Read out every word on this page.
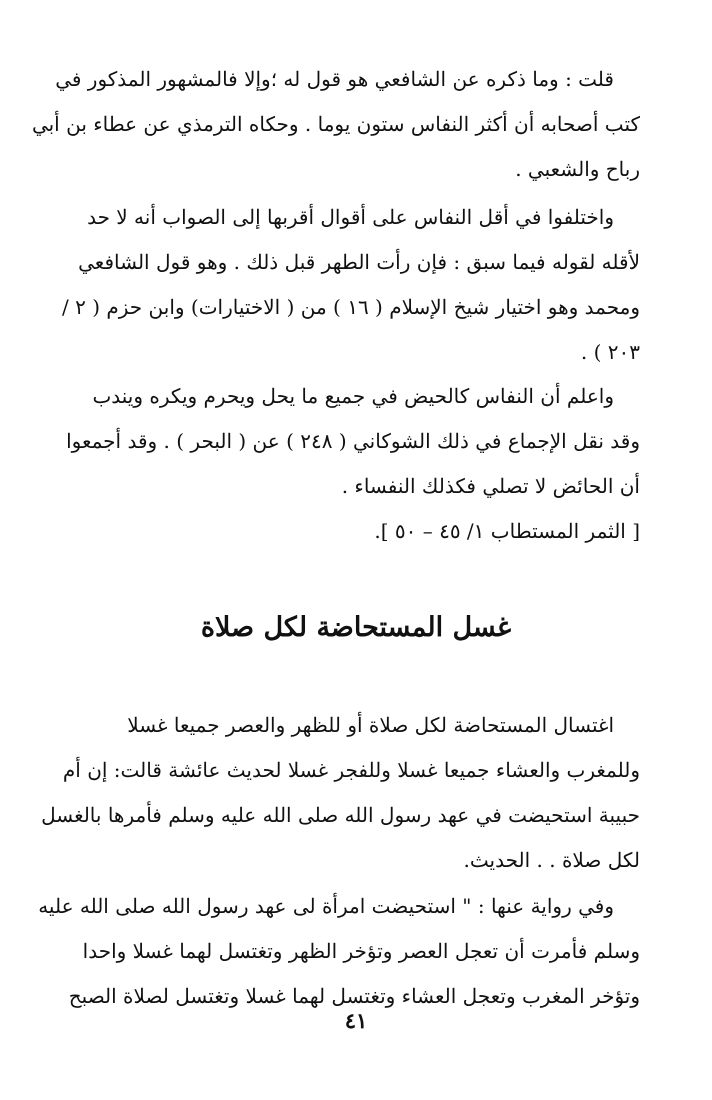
قلت : وما ذكره عن الشافعي هو قول له ؛وإلا فالمشهور المذكور في
كتب أصحابه أن أكثر النفاس ستون يوما . وحكاه الترمذي عن عطاء بن أبي
رباح والشعبي .
واختلفوا في أقل النفاس على أقوال أقربها إلى الصواب أنه لا حد
لأقله لقوله فيما سبق : فإن رأت الطهر قبل ذلك . وهو قول الشافعي
ومحمد وهو اختيار شيخ الإسلام ( ١٦ ) من ( الاختيارات) وابن حزم ( ٢ /
٢٠٣ ) .
واعلم أن النفاس كالحيض في جميع ما يحل ويحرم ويكره ويندب
وقد نقل الإجماع في ذلك الشوكاني ( ٢٤٨ ) عن ( البحر ) . وقد أجمعوا
أن الحائض لا تصلي فكذلك النفساء .
[ الثمر المستطاب ١/ ٤٥ – ٥٠ ].
غسل المستحاضة لكل صلاة
اغتسال المستحاضة لكل صلاة أو للظهر والعصر جميعا غسلا
وللمغرب والعشاء جميعا غسلا وللفجر غسلا لحديث عائشة قالت: إن أم
حبيبة استحيضت في عهد رسول الله صلى الله عليه وسلم فأمرها بالغسل
لكل صلاة . . الحديث.
وفي رواية عنها : " استحيضت امرأة لى عهد رسول الله صلى الله عليه
وسلم فأمرت أن تعجل العصر وتؤخر الظهر وتغتسل لهما غسلا واحدا
وتؤخر المغرب وتعجل العشاء وتغتسل لهما غسلا وتغتسل لصلاة الصبح
٤١
